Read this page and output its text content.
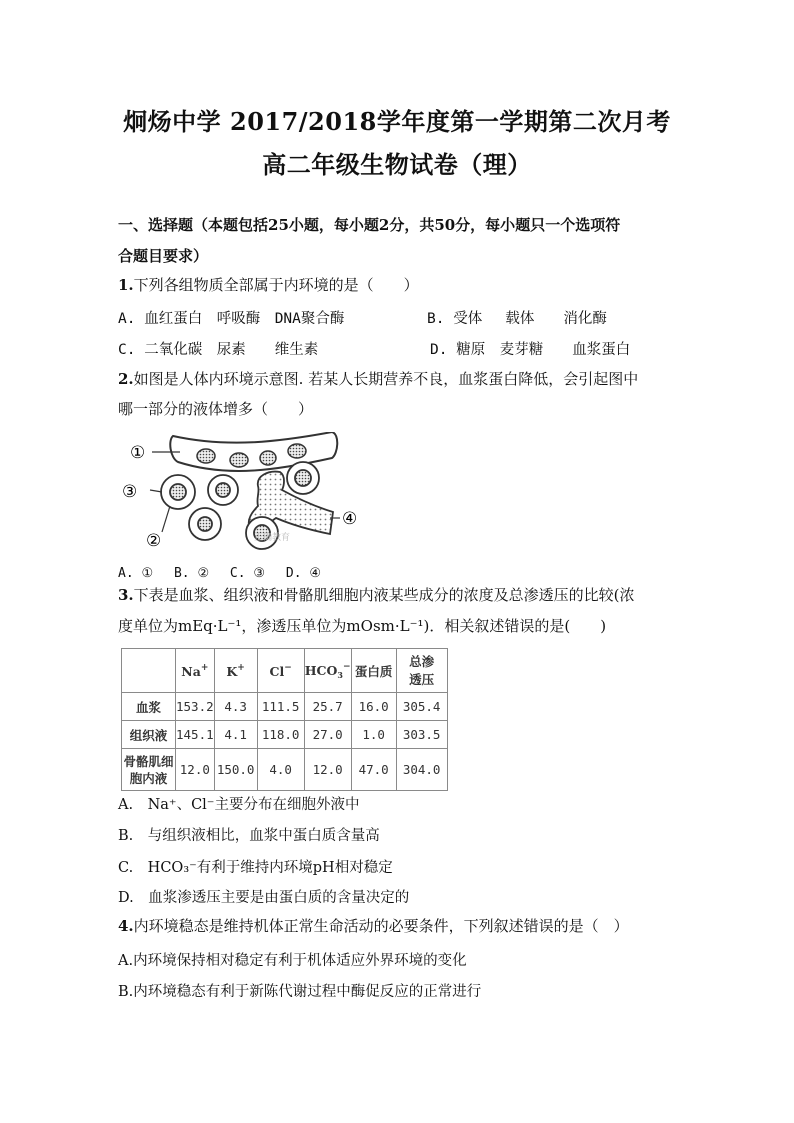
炯炀中学 2017/2018学年度第一学期第二次月考
高二年级生物试卷（理）
一、选择题（本题包括25小题，每小题2分，共50分，每小题只一个选项符
合题目要求）
1.下列各组物质全部属于内环境的是（　　）
A. 血红蛋白　呼吸酶　DNA聚合酶	B. 受体　 载体　　消化酶
C. 二氧化碳　尿素　　维生素	D. 糖原　麦芽糖　　血浆蛋白
2.如图是人体内环境示意图. 若某人长期营养不良，血浆蛋白降低，会引起图中
哪一部分的液体增多（　　）
①
③
②
④
正确教育
A. ①　 B. ②　 C. ③　 D. ④
3.下表是血浆、组织液和骨骼肌细胞内液某些成分的浓度及总渗透压的比较(浓
度单位为mEq·L⁻¹，渗透压单位为mOsm·L⁻¹)．相关叙述错误的是(　　)
	Na+	K+	Cl−	$HCO_3^-$	蛋白质	总渗
透压
血浆	153.2	4.3	111.5	25.7	16.0	305.4
组织液	145.1	4.1	118.0	27.0	1.0	303.5
骨骼肌细
胞内液	12.0	150.0	4.0	12.0	47.0	304.0
A.　Na⁺、Cl⁻主要分布在细胞外液中
B.　与组织液相比，血浆中蛋白质含量高
C.　HCO₃⁻有利于维持内环境pH相对稳定
D.　血浆渗透压主要是由蛋白质的含量决定的
4.内环境稳态是维持机体正常生命活动的必要条件，下列叙述错误的是（　）
A.内环境保持相对稳定有利于机体适应外界环境的变化
B.内环境稳态有利于新陈代谢过程中酶促反应的正常进行
